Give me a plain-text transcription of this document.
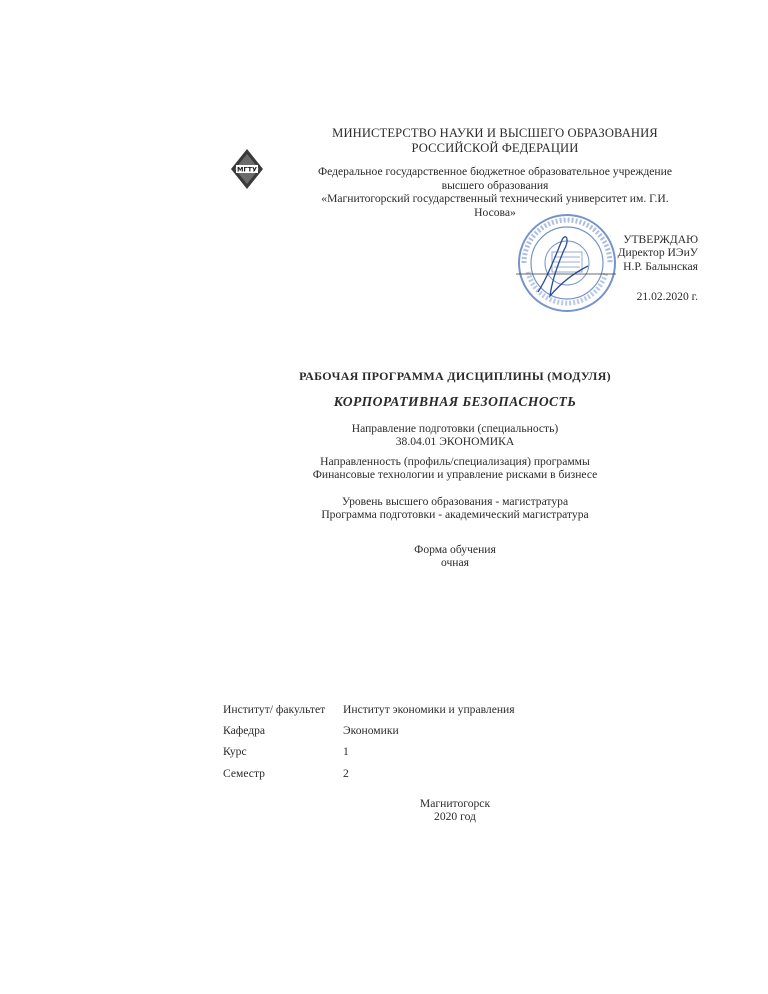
МИНИСТЕРСТВО НАУКИ И ВЫСШЕГО ОБРАЗОВАНИЯ
РОССИЙСКОЙ ФЕДЕРАЦИИ
МГТУ	Федеральное государственное бюджетное образовательное учреждение
высшего образования
«Магнитогорский государственный технический университет им. Г.И.
Носова»
УТВЕРЖДАЮ
Директор ИЭиУ
Н.Р. Балынская
21.02.2020 г.
РАБОЧАЯ ПРОГРАММА ДИСЦИПЛИНЫ (МОДУЛЯ)
КОРПОРАТИВНАЯ БЕЗОПАСНОСТЬ
Направление подготовки (специальность)
38.04.01 ЭКОНОМИКА
Направленность (профиль/специализация) программы
Финансовые технологии и управление рисками в бизнесе
Уровень высшего образования - магистратура
Программа подготовки - академический магистратура
Форма обучения
очная
Институт/ факультет	Институт экономики и управления
Кафедра	Экономики
Курс	1
Семестр	2
Магнитогорск
2020 год
